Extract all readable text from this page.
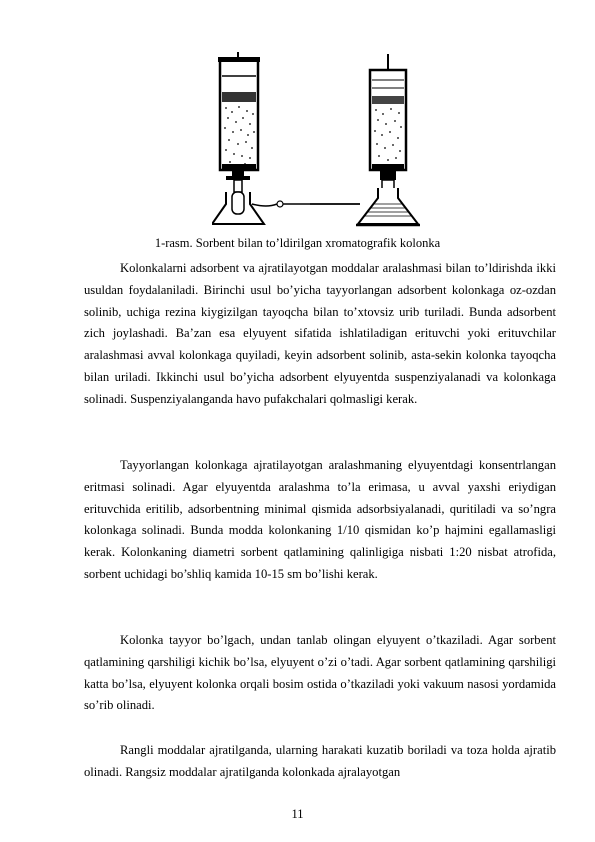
1-rasm. Sorbent bilan to’ldirilgan xromatografik kolonka

Kolonkalarni adsorbent va ajratilayotgan moddalar aralashmasi bilan to’ldirishda ikki usuldan foydalaniladi. Birinchi usul bo’yicha tayyorlangan adsorbent kolonkaga oz-ozdan solinib, uchiga rezina kiygizilgan tayoqcha bilan to’xtovsiz urib turiladi. Bunda adsorbent zich joylashadi. Ba’zan esa elyuyent sifatida ishlatiladigan erituvchi yoki erituvchilar aralashmasi avval kolonkaga quyiladi, keyin adsorbent solinib, asta-sekin kolonka tayoqcha bilan uriladi. Ikkinchi usul bo’yicha adsorbent elyuyentda suspenziyalanadi va kolonkaga solinadi. Suspenziyalanganda havo pufakchalari qolmasligi kerak.

Tayyorlangan kolonkaga ajratilayotgan aralashmaning elyuyentdagi konsentrlangan eritmasi solinadi. Agar elyuyentda aralashma to’la erimasa, u avval yaxshi eriydigan erituvchida eritilib, adsorbentning minimal qismida adsorbsiyalanadi, quritiladi va so’ngra kolonkaga solinadi. Bunda modda kolonkaning 1/10 qismidan ko’p hajmini egallamasligi kerak. Kolonkaning diametri sorbent qatlamining qalinligiga nisbati 1:20 nisbat atrofida, sorbent uchidagi bo’shliq kamida 10-15 sm bo’lishi kerak.

Kolonka tayyor bo’lgach, undan tanlab olingan elyuyent o’tkaziladi. Agar sorbent qatlamining qarshiligi kichik bo’lsa, elyuyent o’zi o’tadi. Agar sorbent qatlamining qarshiligi katta bo’lsa, elyuyent kolonka orqali bosim ostida o’tkaziladi yoki vakuum nasosi yordamida so’rib olinadi.

Rangli moddalar ajratilganda, ularning harakati kuzatib boriladi va toza holda ajratib olinadi. Rangsiz moddalar ajratilganda kolonkada ajralayotgan

11
